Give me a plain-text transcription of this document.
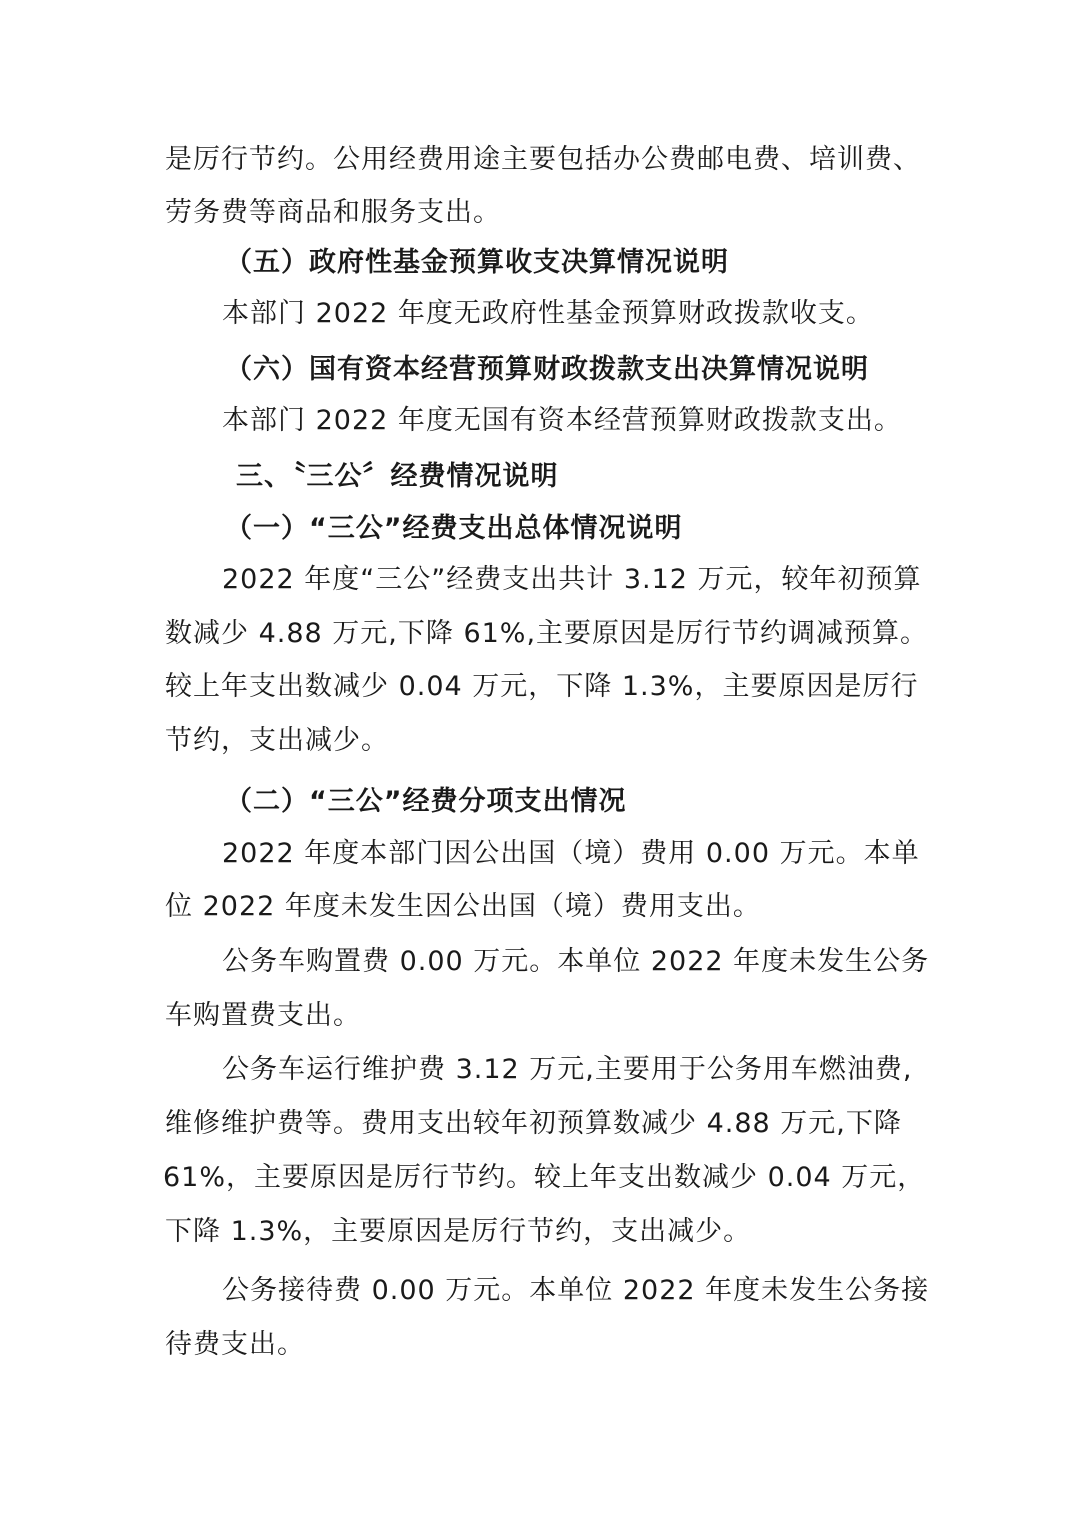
是厉行节约。公用经费用途主要包括办公费邮电费、培训费、
劳务费等商品和服务支出。
（五）政府性基金预算收支决算情况说明
本部门 2022 年度无政府性基金预算财政拨款收支。
（六）国有资本经营预算财政拨款支出决算情况说明
本部门 2022 年度无国有资本经营预算财政拨款支出。
三、〝三公〞经费情况说明
（一）“三公”经费支出总体情况说明
2022 年度“三公”经费支出共计 3.12 万元，较年初预算
数减少 4.88 万元,下降 61%,主要原因是厉行节约调减预算。
较上年支出数减少 0.04 万元，下降 1.3%，主要原因是厉行
节约，支出减少。
（二）“三公”经费分项支出情况
2022 年度本部门因公出国（境）费用 0.00 万元。本单
位 2022 年度未发生因公出国（境）费用支出。
公务车购置费 0.00 万元。本单位 2022 年度未发生公务
车购置费支出。
公务车运行维护费 3.12 万元,主要用于公务用车燃油费,
维修维护费等。费用支出较年初预算数减少 4.88 万元,下降
61%，主要原因是厉行节约。较上年支出数减少 0.04 万元，
下降 1.3%，主要原因是厉行节约，支出减少。
公务接待费 0.00 万元。本单位 2022 年度未发生公务接
待费支出。
